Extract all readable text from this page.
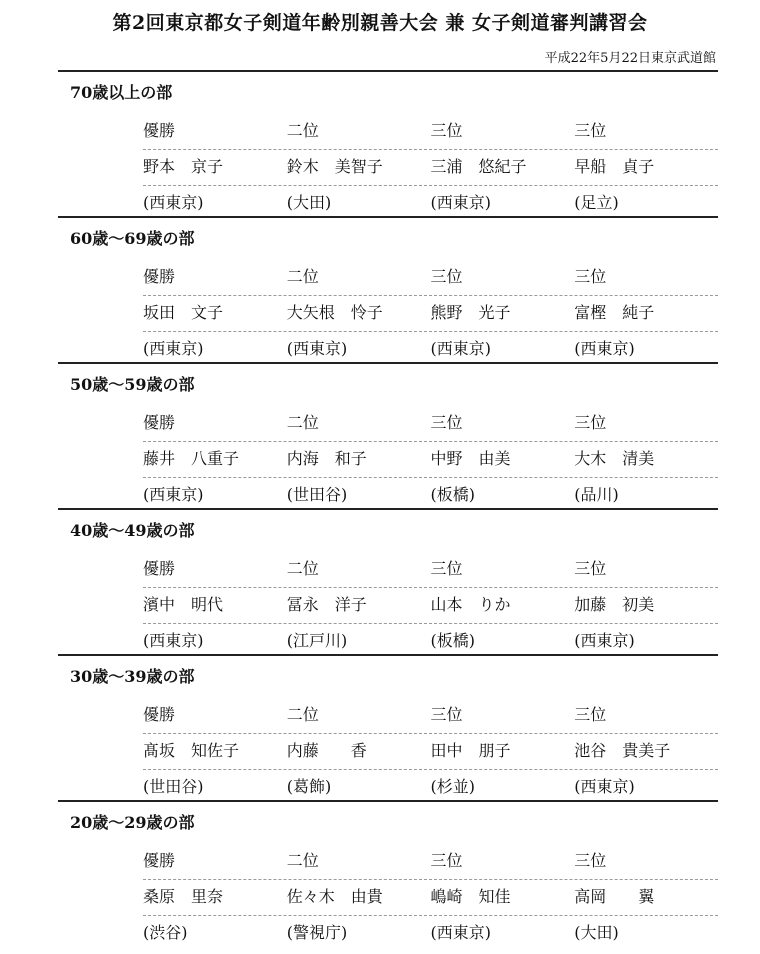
第2回東京都女子剣道年齢別親善大会 兼 女子剣道審判講習会
平成22年5月22日東京武道館
70歳以上の部
優勝	二位	三位	三位
野本　京子	鈴木　美智子	三浦　悠紀子	早船　貞子
(西東京)	(大田)	(西東京)	(足立)
60歳～69歳の部
優勝	二位	三位	三位
坂田　文子	大矢根　怜子	熊野　光子	富樫　純子
(西東京)	(西東京)	(西東京)	(西東京)
50歳～59歳の部
優勝	二位	三位	三位
藤井　八重子	内海　和子	中野　由美	大木　清美
(西東京)	(世田谷)	(板橋)	(品川)
40歳～49歳の部
優勝	二位	三位	三位
濱中　明代	冨永　洋子	山本　りか	加藤　初美
(西東京)	(江戸川)	(板橋)	(西東京)
30歳～39歳の部
優勝	二位	三位	三位
髙坂　知佐子	内藤　　香	田中　朋子	池谷　貴美子
(世田谷)	(葛飾)	(杉並)	(西東京)
20歳～29歳の部
優勝	二位	三位	三位
桑原　里奈	佐々木　由貴	嶋崎　知佳	高岡　　翼
(渋谷)	(警視庁)	(西東京)	(大田)
